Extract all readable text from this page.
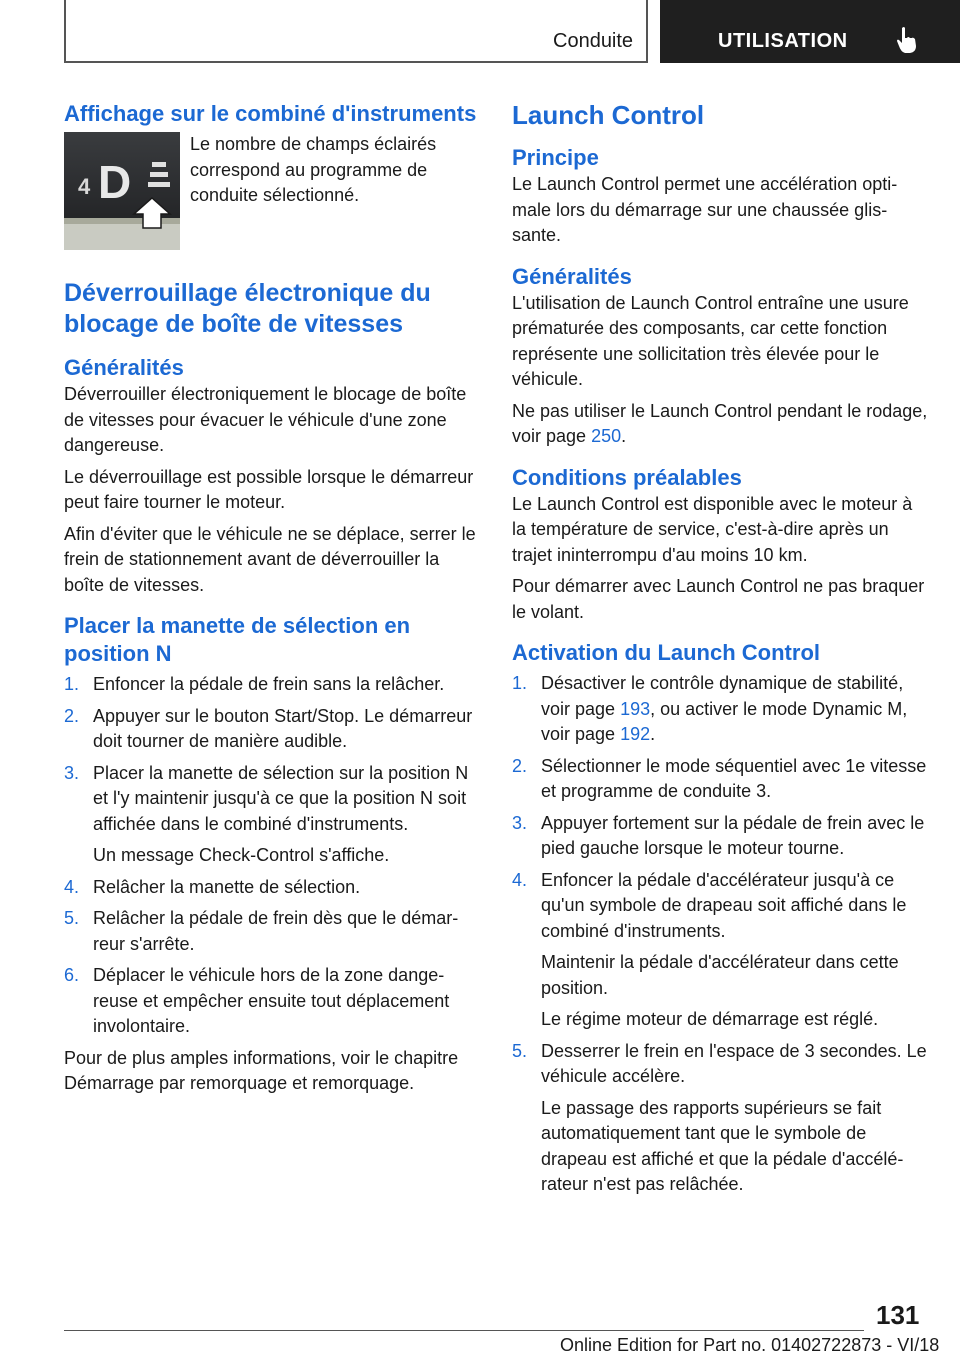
Conduite	UTILISATION
Affichage sur le combiné d'instruments
4 D

Le nombre de champs éclairés correspond au programme de conduite sélectionné.

Déverrouillage électronique du blocage de boîte de vitesses
Généralités

Déverrouiller électroniquement le blocage de boîte de vitesses pour évacuer le véhicule d'une zone dangereuse.

Le déverrouillage est possible lorsque le démarreur peut faire tourner le moteur.

Afin d'éviter que le véhicule ne se déplace, serrer le frein de stationnement avant de déverrouiller la boîte de vitesses.

Placer la manette de sélection en position N

1. Enfoncer la pédale de frein sans la relâcher.

2. Appuyer sur le bouton Start/Stop. Le démarreur doit tourner de manière audible.

3. Placer la manette de sélection sur la position N et l'y maintenir jusqu'à ce que la position N soit affichée dans le combiné d'instruments.

Un message Check-Control s'affiche.

4. Relâcher la manette de sélection.

5. Relâcher la pédale de frein dès que le démarreur s'arrête.

6. Déplacer le véhicule hors de la zone dangereuse et empêcher ensuite tout déplacement involontaire.

Pour de plus amples informations, voir le chapitre Démarrage par remorquage et remorquage.

Launch Control
Principe

Le Launch Control permet une accélération optimale lors du démarrage sur une chaussée glissante.

Généralités

L'utilisation de Launch Control entraîne une usure prématurée des composants, car cette fonction représente une sollicitation très élevée pour le véhicule.

Ne pas utiliser le Launch Control pendant le rodage, voir page 250.

Conditions préalables

Le Launch Control est disponible avec le moteur à la température de service, c'est-à-dire après un trajet ininterrompu d'au moins 10 km.

Pour démarrer avec Launch Control ne pas braquer le volant.

Activation du Launch Control

1. Désactiver le contrôle dynamique de stabilité, voir page 193, ou activer le mode Dynamic M, voir page 192.

2. Sélectionner le mode séquentiel avec 1e vitesse et programme de conduite 3.

3. Appuyer fortement sur la pédale de frein avec le pied gauche lorsque le moteur tourne.

4. Enfoncer la pédale d'accélérateur jusqu'à ce qu'un symbole de drapeau soit affiché dans le combiné d'instruments.

Maintenir la pédale d'accélérateur dans cette position.

Le régime moteur de démarrage est réglé.

5. Desserrer le frein en l'espace de 3 secondes. Le véhicule accélère.

Le passage des rapports supérieurs se fait automatiquement tant que le symbole de drapeau est affiché et que la pédale d'accélérateur n'est pas relâchée.

131
Online Edition for Part no. 01402722873 - VI/18
